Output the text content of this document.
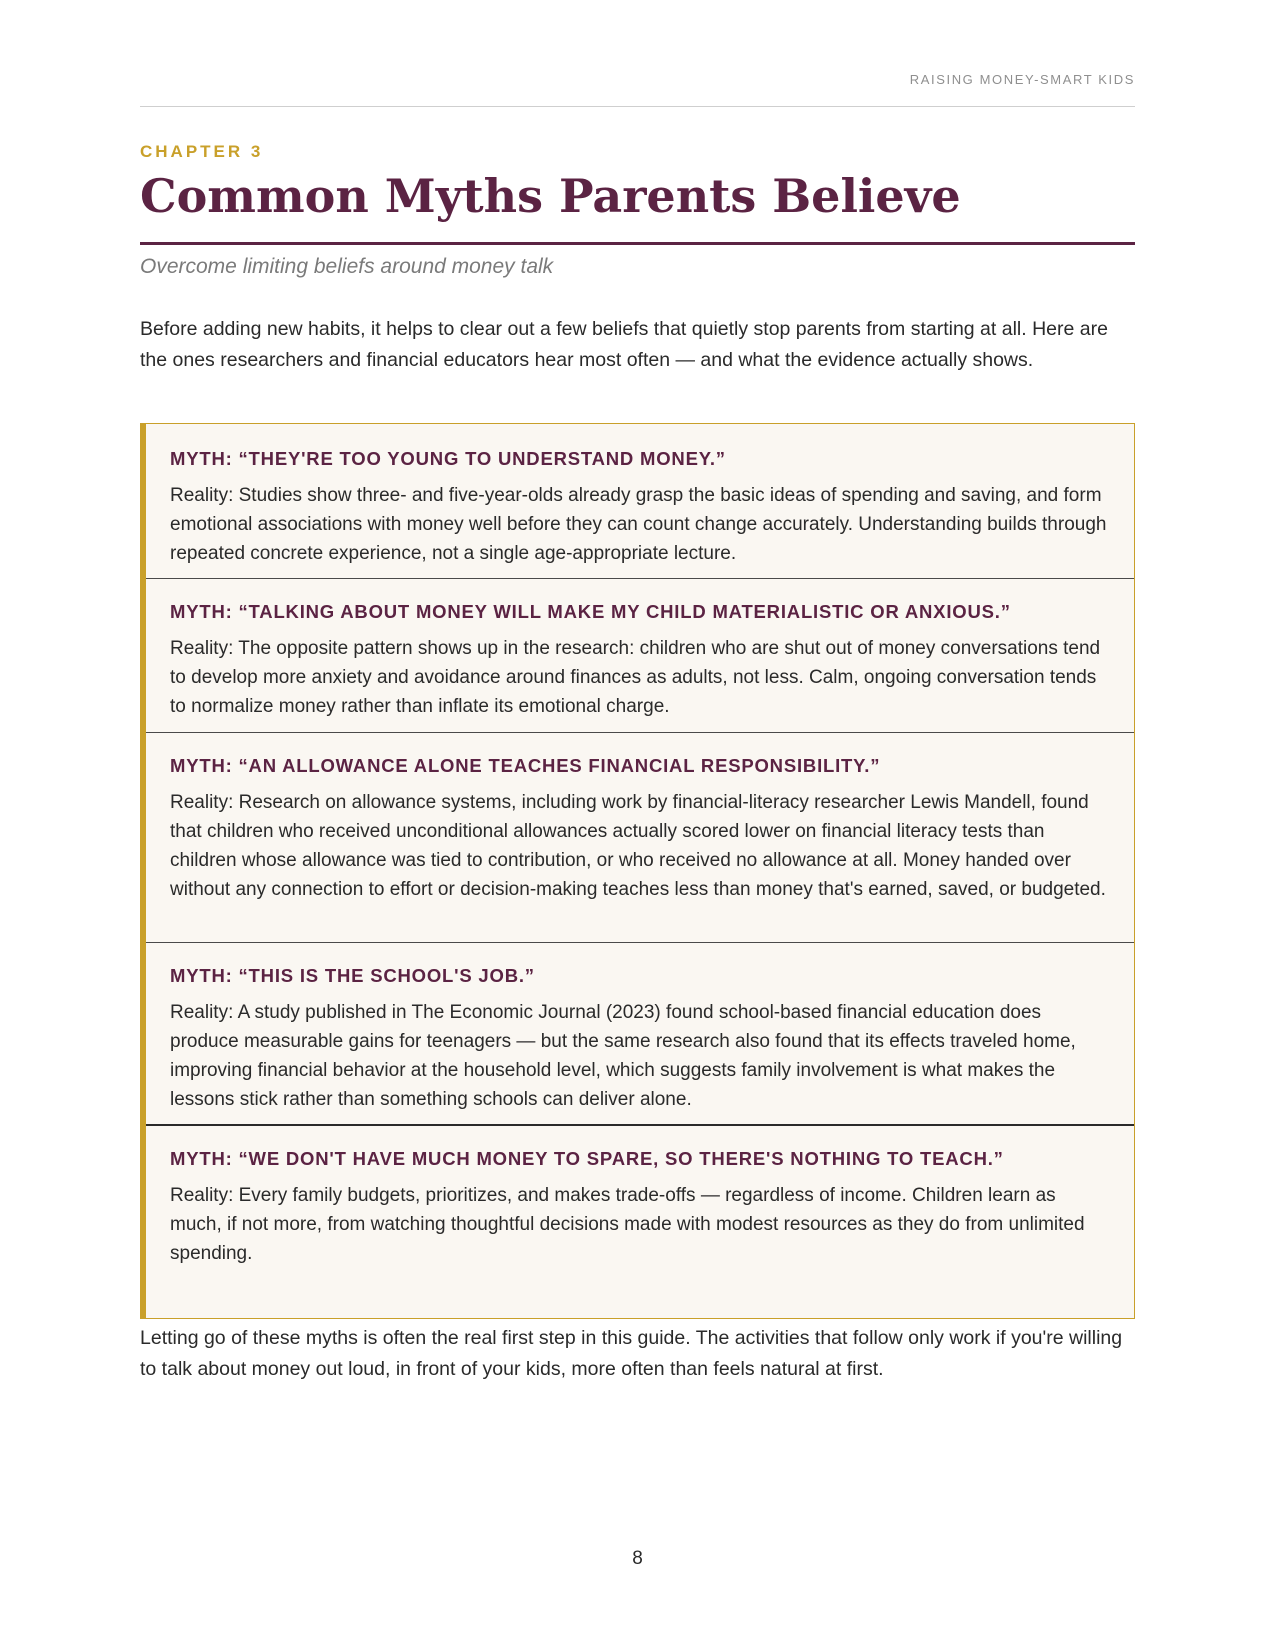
RAISING MONEY-SMART KIDS
CHAPTER 3
Common Myths Parents Believe
Overcome limiting beliefs around money talk

Before adding new habits, it helps to clear out a few beliefs that quietly stop parents from starting at all. Here are the ones researchers and financial educators hear most often — and what the evidence actually shows.

MYTH: “THEY'RE TOO YOUNG TO UNDERSTAND MONEY.”

Reality: Studies show three- and five-year-olds already grasp the basic ideas of spending and saving, and form emotional associations with money well before they can count change accurately. Understanding builds through repeated concrete experience, not a single age-appropriate lecture.

MYTH: “TALKING ABOUT MONEY WILL MAKE MY CHILD MATERIALISTIC OR ANXIOUS.”

Reality: The opposite pattern shows up in the research: children who are shut out of money conversations tend to develop more anxiety and avoidance around finances as adults, not less. Calm, ongoing conversation tends to normalize money rather than inflate its emotional charge.

MYTH: “AN ALLOWANCE ALONE TEACHES FINANCIAL RESPONSIBILITY.”

Reality: Research on allowance systems, including work by financial-literacy researcher Lewis Mandell, found that children who received unconditional allowances actually scored lower on financial literacy tests than children whose allowance was tied to contribution, or who received no allowance at all. Money handed over without any connection to effort or decision-making teaches less than money that's earned, saved, or budgeted.

MYTH: “THIS IS THE SCHOOL'S JOB.”

Reality: A study published in The Economic Journal (2023) found school-based financial education does produce measurable gains for teenagers — but the same research also found that its effects traveled home, improving financial behavior at the household level, which suggests family involvement is what makes the lessons stick rather than something schools can deliver alone.

MYTH: “WE DON'T HAVE MUCH MONEY TO SPARE, SO THERE'S NOTHING TO TEACH.”

Reality: Every family budgets, prioritizes, and makes trade-offs — regardless of income. Children learn as much, if not more, from watching thoughtful decisions made with modest resources as they do from unlimited spending.

Letting go of these myths is often the real first step in this guide. The activities that follow only work if you're willing to talk about money out loud, in front of your kids, more often than feels natural at first.

8
